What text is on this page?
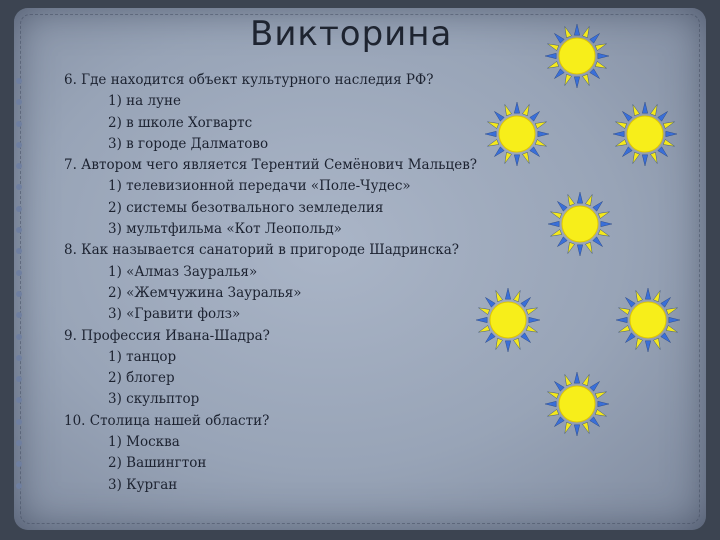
Викторина
6. Где находится объект культурного наследия РФ?
1) на луне
2) в школе Хогвартс
3) в городе Далматово
7. Автором чего является Терентий Семёнович Мальцев?
1) телевизионной передачи «Поле-Чудес»
2) системы безотвального земледелия
3) мультфильма «Кот Леопольд»
8. Как называется санаторий в пригороде Шадринска?
1) «Алмаз Зауралья»
2) «Жемчужина Зауралья»
3) «Гравити фолз»
9. Профессия Ивана-Шадра?
1) танцор
2) блогер
3) скульптор
10. Столица нашей области?
1) Москва
2) Вашингтон
3) Курган
